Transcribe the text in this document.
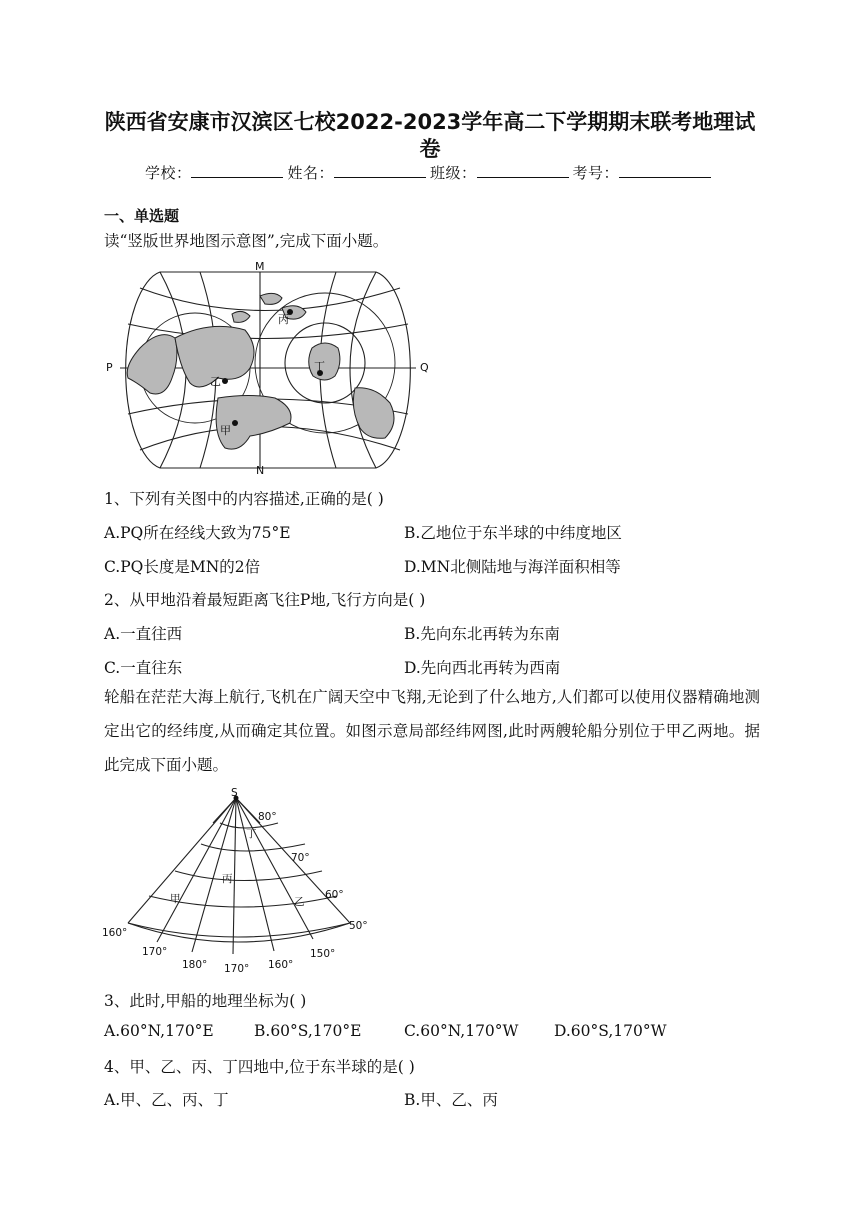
陕西省安康市汉滨区七校2022-2023学年高二下学期期末联考地理试
卷
学校：	姓名：	班级：	考号：
一、单选题
读“竖版世界地图示意图”,完成下面小题。
M
N
P	Q
丙
乙
甲
丁
1、下列有关图中的内容描述,正确的是( )
A.PQ所在经线大致为75°E	B.乙地位于东半球的中纬度地区
C.PQ长度是MN的2倍	D.MN北侧陆地与海洋面积相等
2、从甲地沿着最短距离飞往P地,飞行方向是( )
A.一直往西	B.先向东北再转为东南
C.一直往东	D.先向西北再转为西南
轮船在茫茫大海上航行,飞机在广阔天空中飞翔,无论到了什么地方,人们都可以使用仪器精确地测定出它的经纬度,从而确定其位置。如图示意局部经纬网图,此时两艘轮船分别位于甲乙两地。据此完成下面小题。
S
80°
70°
60°
50°
160°
170°
180° 170° 160°
150°
丁
丙
甲	乙
3、此时,甲船的地理坐标为( )
A.60°N,170°E	B.60°S,170°E	C.60°N,170°W D.60°S,170°W
4、甲、乙、丙、丁四地中,位于东半球的是( )
A.甲、乙、丙、丁	B.甲、乙、丙
